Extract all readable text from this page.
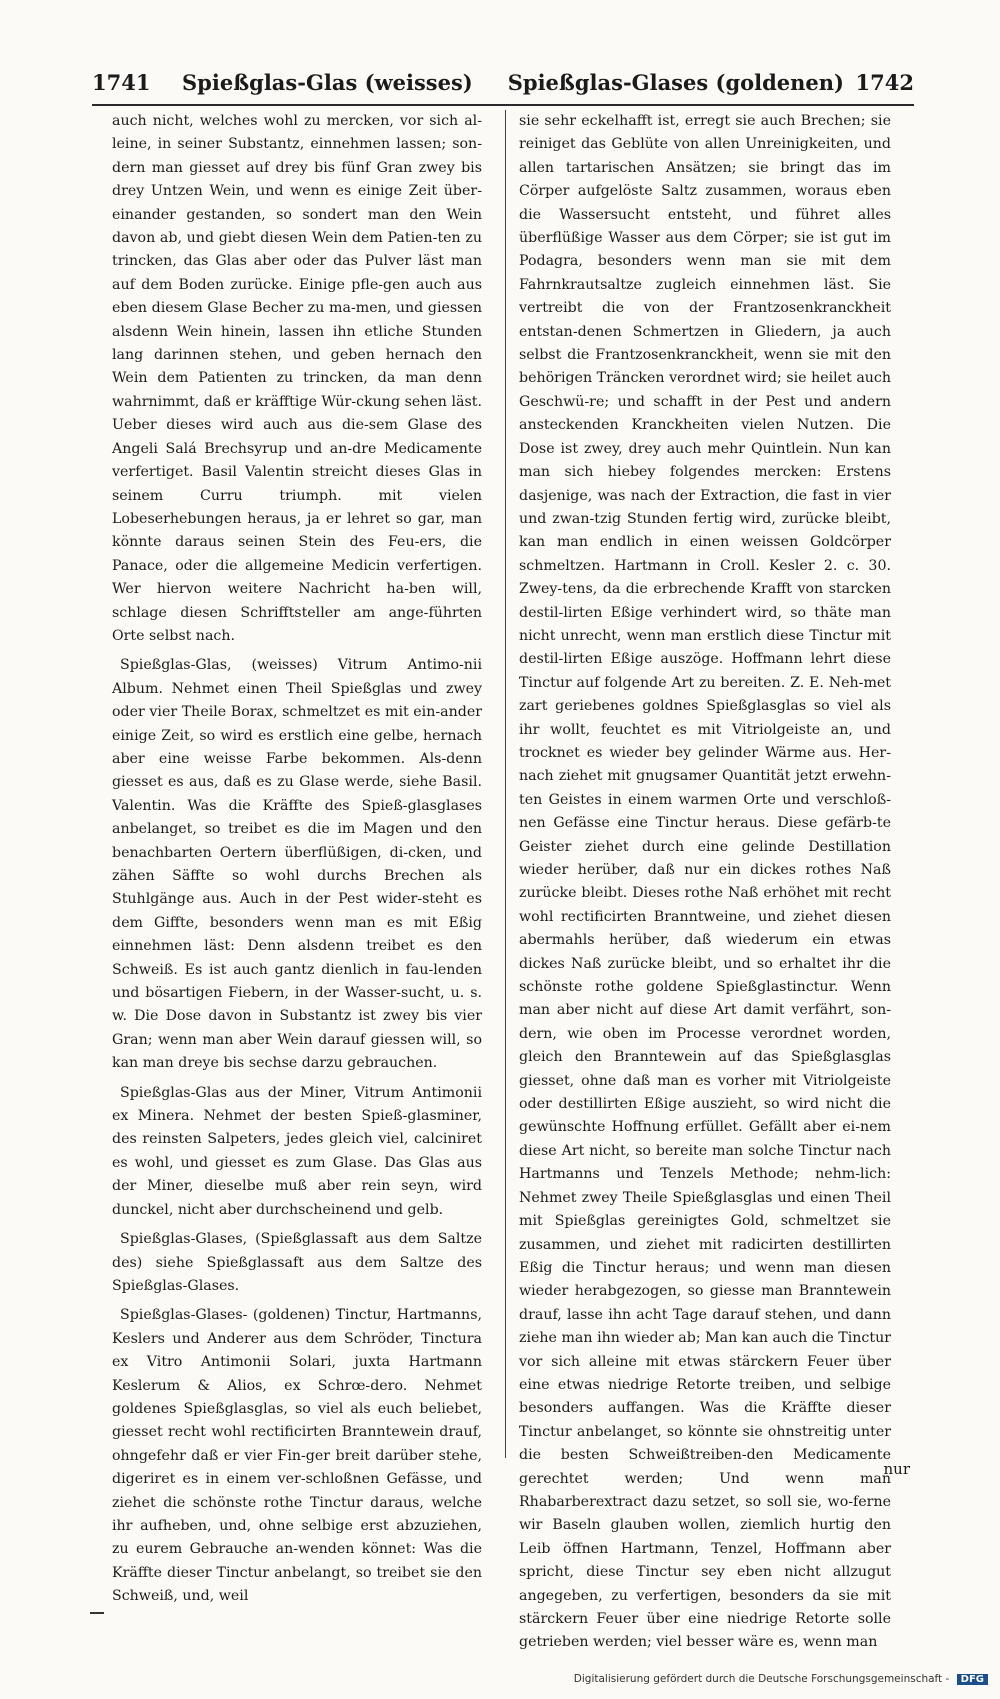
1741 Spießglas-Glas (weisses) Spießglas-Glases (goldenen) 1742

auch nicht, welches wohl zu mercken, vor sich al-leine, in seiner Substantz, einnehmen lassen; son-dern man giesset auf drey bis fünf Gran zwey bis drey Untzen Wein, und wenn es einige Zeit über-einander gestanden, so sondert man den Wein davon ab, und giebt diesen Wein dem Patien-ten zu trincken, das Glas aber oder das Pulver läst man auf dem Boden zurücke. Einige pfle-gen auch aus eben diesem Glase Becher zu ma-men, und giessen alsdenn Wein hinein, lassen ihn etliche Stunden lang darinnen stehen, und geben hernach den Wein dem Patienten zu trincken, da man denn wahrnimmt, daß er kräfftige Wür-ckung sehen läst. Ueber dieses wird auch aus die-sem Glase des Angeli Salá Brechsyrup und an-dre Medicamente verfertiget. Basil Valentin streicht dieses Glas in seinem Curru triumph. mit vielen Lobeserhebungen heraus, ja er lehret so gar, man könnte daraus seinen Stein des Feu-ers, die Panace, oder die allgemeine Medicin verfertigen. Wer hiervon weitere Nachricht ha-ben will, schlage diesen Schrifftsteller am ange-führten Orte selbst nach.

Spießglas-Glas, (weisses) Vitrum Antimo-nii Album. Nehmet einen Theil Spießglas und zwey oder vier Theile Borax, schmeltzet es mit ein-ander einige Zeit, so wird es erstlich eine gelbe, hernach aber eine weisse Farbe bekommen. Als-denn giesset es aus, daß es zu Glase werde, siehe Basil. Valentin. Was die Kräffte des Spieß-glasglases anbelanget, so treibet es die im Magen und den benachbarten Oertern überflüßigen, di-cken, und zähen Säffte so wohl durchs Brechen als Stuhlgänge aus. Auch in der Pest wider-steht es dem Giffte, besonders wenn man es mit Eßig einnehmen läst: Denn alsdenn treibet es den Schweiß. Es ist auch gantz dienlich in fau-lenden und bösartigen Fiebern, in der Wasser-sucht, u. s. w. Die Dose davon in Substantz ist zwey bis vier Gran; wenn man aber Wein darauf giessen will, so kan man dreye bis sechse darzu gebrauchen.

Spießglas-Glas aus der Miner, Vitrum Antimonii ex Minera. Nehmet der besten Spieß-glasminer, des reinsten Salpeters, jedes gleich viel, calciniret es wohl, und giesset es zum Glase. Das Glas aus der Miner, dieselbe muß aber rein seyn, wird dunckel, nicht aber durchscheinend und gelb.

Spießglas-Glases, (Spießglassaft aus dem Saltze des) siehe Spießglassaft aus dem Saltze des Spießglas-Glases.

Spießglas-Glases- (goldenen) Tinctur, Hartmanns, Keslers und Anderer aus dem Schröder, Tinctura ex Vitro Antimonii Solari, juxta Hartmann Keslerum & Alios, ex Schrœ-dero. Nehmet goldenes Spießglasglas, so viel als euch beliebet, giesset recht wohl rectificirten Branntewein drauf, ohngefehr daß er vier Fin-ger breit darüber stehe, digeriret es in einem ver-schloßnen Gefässe, und ziehet die schönste rothe Tinctur daraus, welche ihr aufheben, und, ohne selbige erst abzuziehen, zu eurem Gebrauche an-wenden könnet: Was die Kräffte dieser Tinctur anbelangt, so treibet sie den Schweiß, und, weil

sie sehr eckelhafft ist, erregt sie auch Brechen; sie reiniget das Geblüte von allen Unreinigkeiten, und allen tartarischen Ansätzen; sie bringt das im Cörper aufgelöste Saltz zusammen, woraus eben die Wassersucht entsteht, und führet alles überflüßige Wasser aus dem Cörper; sie ist gut im Podagra, besonders wenn man sie mit dem Fahrnkrautsaltze zugleich einnehmen läst. Sie vertreibt die von der Frantzosenkranckheit entstan-denen Schmertzen in Gliedern, ja auch selbst die Frantzosenkranckheit, wenn sie mit den behörigen Träncken verordnet wird; sie heilet auch Geschwü-re; und schafft in der Pest und andern ansteckenden Kranckheiten vielen Nutzen. Die Dose ist zwey, drey auch mehr Quintlein. Nun kan man sich hiebey folgendes mercken: Erstens dasjenige, was nach der Extraction, die fast in vier und zwan-tzig Stunden fertig wird, zurücke bleibt, kan man endlich in einen weissen Goldcörper schmeltzen. Hartmann in Croll. Kesler 2. c. 30. Zwey-tens, da die erbrechende Krafft von starcken destil-lirten Eßige verhindert wird, so thäte man nicht unrecht, wenn man erstlich diese Tinctur mit destil-lirten Eßige auszöge. Hoffmann lehrt diese Tinctur auf folgende Art zu bereiten. Z. E. Neh-met zart geriebenes goldnes Spießglasglas so viel als ihr wollt, feuchtet es mit Vitriolgeiste an, und trocknet es wieder bey gelinder Wärme aus. Her-nach ziehet mit gnugsamer Quantität jetzt erwehn-ten Geistes in einem warmen Orte und verschloß-nen Gefässe eine Tinctur heraus. Diese gefärb-te Geister ziehet durch eine gelinde Destillation wieder herüber, daß nur ein dickes rothes Naß zurücke bleibt. Dieses rothe Naß erhöhet mit recht wohl rectificirten Branntweine, und ziehet diesen abermahls herüber, daß wiederum ein etwas dickes Naß zurücke bleibt, und so erhaltet ihr die schönste rothe goldene Spießglastinctur. Wenn man aber nicht auf diese Art damit verfährt, son-dern, wie oben im Processe verordnet worden, gleich den Branntewein auf das Spießglasglas giesset, ohne daß man es vorher mit Vitriolgeiste oder destillirten Eßige auszieht, so wird nicht die gewünschte Hoffnung erfüllet. Gefällt aber ei-nem diese Art nicht, so bereite man solche Tinctur nach Hartmanns und Tenzels Methode; nehm-lich: Nehmet zwey Theile Spießglasglas und einen Theil mit Spießglas gereinigtes Gold, schmeltzet sie zusammen, und ziehet mit radicirten destillirten Eßig die Tinctur heraus; und wenn man diesen wieder herabgezogen, so giesse man Branntewein drauf, lasse ihn acht Tage darauf stehen, und dann ziehe man ihn wieder ab; Man kan auch die Tinctur vor sich alleine mit etwas stärckern Feuer über eine etwas niedrige Retorte treiben, und selbige besonders auffangen. Was die Kräffte dieser Tinctur anbelanget, so könnte sie ohnstreitig unter die besten Schweißtreiben-den Medicamente gerechtet werden; Und wenn man Rhabarberextract dazu setzet, so soll sie, wo-ferne wir Baseln glauben wollen, ziemlich hurtig den Leib öffnen Hartmann, Tenzel, Hoffmann aber spricht, diese Tinctur sey eben nicht allzugut angegeben, zu verfertigen, besonders da sie mit stärckern Feuer über eine niedrige Retorte solle getrieben werden; viel besser wäre es, wenn man

nur
Digitalisierung gefördert durch die Deutsche Forschungsgemeinschaft - DFG
